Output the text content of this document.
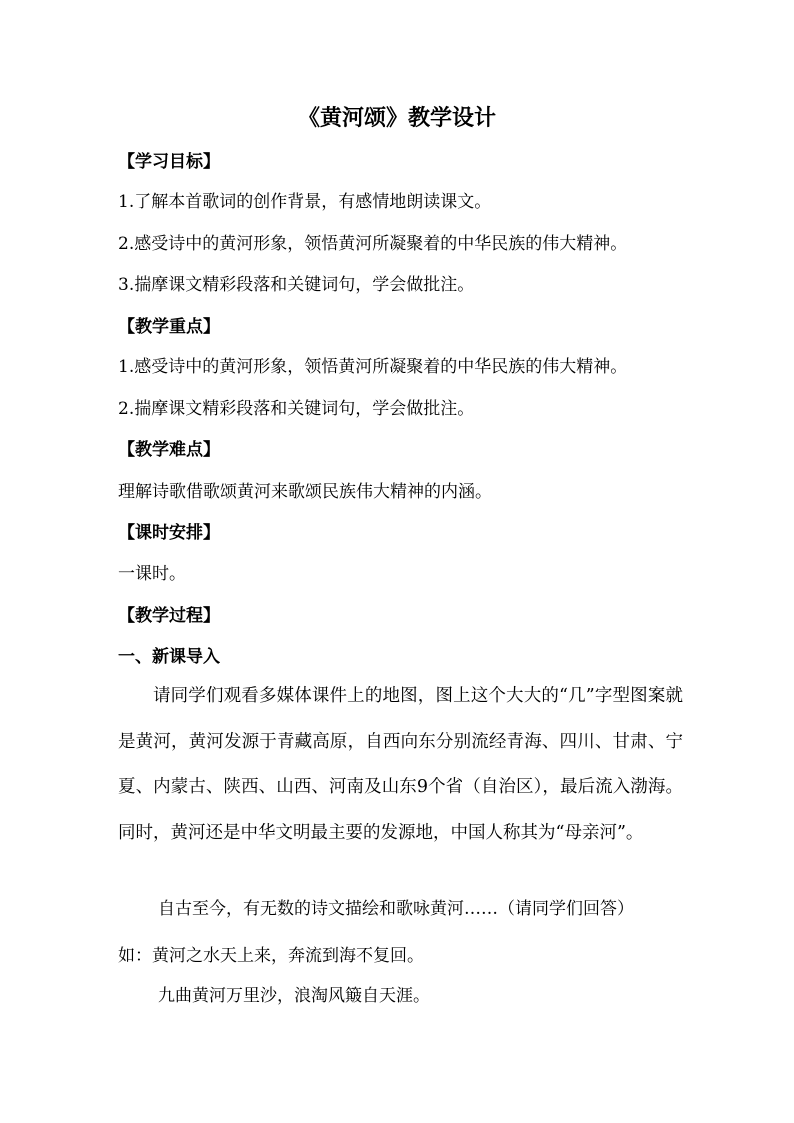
《黄河颂》教学设计
【学习目标】
1.了解本首歌词的创作背景，有感情地朗读课文。
2.感受诗中的黄河形象，领悟黄河所凝聚着的中华民族的伟大精神。
3.揣摩课文精彩段落和关键词句，学会做批注。
【教学重点】
1.感受诗中的黄河形象，领悟黄河所凝聚着的中华民族的伟大精神。
2.揣摩课文精彩段落和关键词句，学会做批注。
【教学难点】
理解诗歌借歌颂黄河来歌颂民族伟大精神的内涵。
【课时安排】
一课时。
【教学过程】
一、新课导入
请同学们观看多媒体课件上的地图，图上这个大大的“几”字型图案就是黄河，黄河发源于青藏高原，自西向东分别流经青海、四川、甘肃、宁夏、内蒙古、陕西、山西、河南及山东9个省（自治区），最后流入渤海。同时，黄河还是中华文明最主要的发源地，中国人称其为“母亲河”。
自古至今，有无数的诗文描绘和歌咏黄河……（请同学们回答）
如：黄河之水天上来，奔流到海不复回。
九曲黄河万里沙，浪淘风簸自天涯。
